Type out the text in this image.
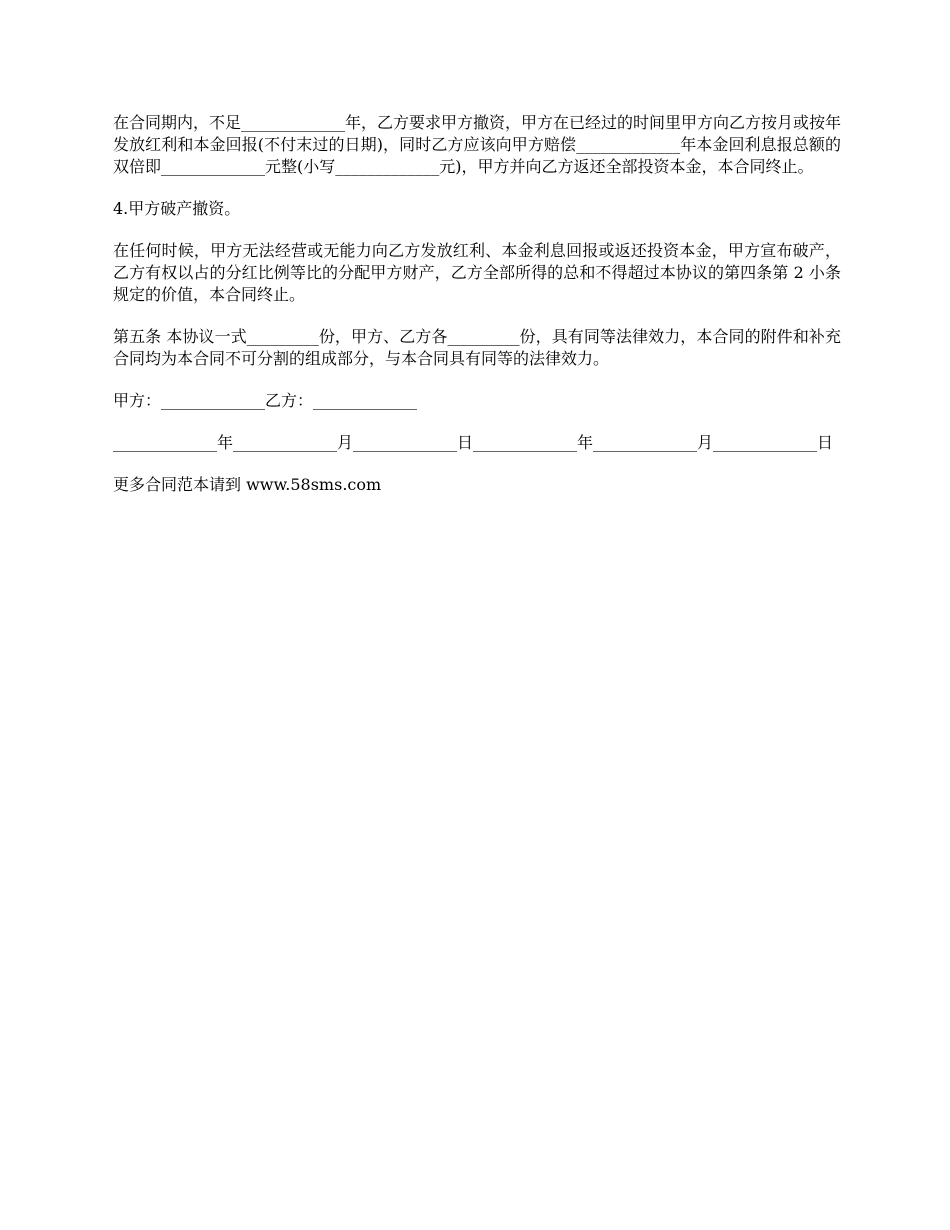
在合同期内，不足_____________年，乙方要求甲方撤资，甲方在已经过的时间里甲方向乙方按月或按年发放红利和本金回报(不付末过的日期)，同时乙方应该向甲方赔偿_____________年本金回利息报总额的双倍即_____________元整(小写_____________元)，甲方并向乙方返还全部投资本金，本合同终止。

4.甲方破产撤资。

在任何时候，甲方无法经营或无能力向乙方发放红利、本金利息回报或返还投资本金，甲方宣布破产，乙方有权以占的分红比例等比的分配甲方财产，乙方全部所得的总和不得超过本协议的第四条第 2 小条规定的价值，本合同终止。

第五条 本协议一式_________份，甲方、乙方各_________份，具有同等法律效力，本合同的附件和补充合同均为本合同不可分割的组成部分，与本合同具有同等的法律效力。

甲方：_____________乙方：_____________

_____________年_____________月_____________日_____________年_____________月_____________日

更多合同范本请到 www.58sms.com
